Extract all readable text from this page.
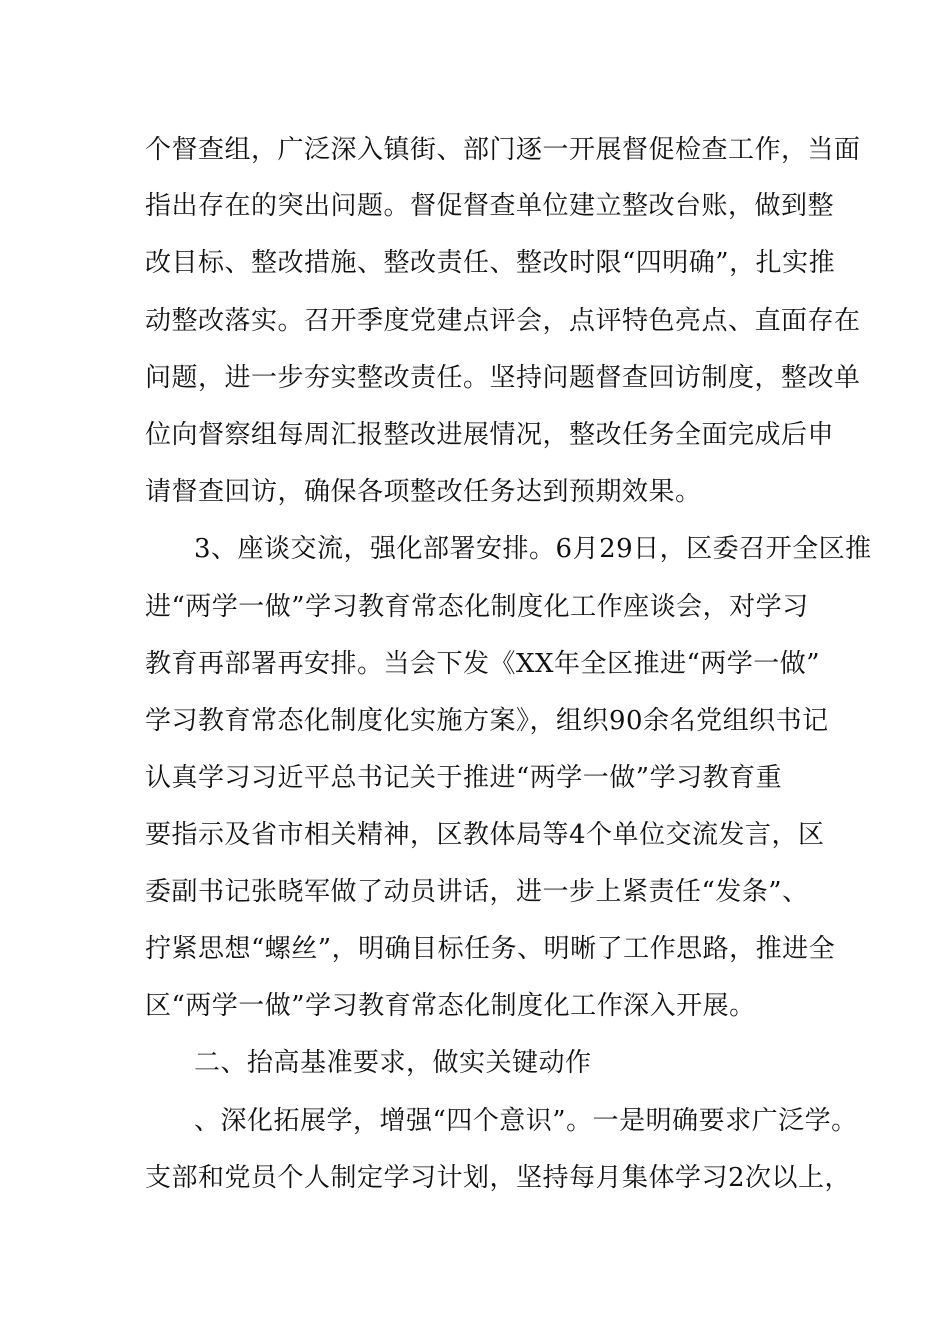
个督查组，广泛深入镇街、部门逐一开展督促检查工作，当面
指出存在的突出问题。督促督查单位建立整改台账，做到整
改目标、整改措施、整改责任、整改时限“四明确”，扎实推
动整改落实。召开季度党建点评会，点评特色亮点、直面存在
问题，进一步夯实整改责任。坚持问题督查回访制度，整改单
位向督察组每周汇报整改进展情况，整改任务全面完成后申
请督查回访，确保各项整改任务达到预期效果。
3、座谈交流，强化部署安排。6月29日，区委召开全区推
进“两学一做”学习教育常态化制度化工作座谈会，对学习
教育再部署再安排。当会下发《XX年全区推进“两学一做”
学习教育常态化制度化实施方案》，组织90余名党组织书记
认真学习习近平总书记关于推进“两学一做”学习教育重
要指示及省市相关精神，区教体局等4个单位交流发言，区
委副书记张晓军做了动员讲话，进一步上紧责任“发条”、
拧紧思想“螺丝”，明确目标任务、明晰了工作思路，推进全
区“两学一做”学习教育常态化制度化工作深入开展。
二、抬高基准要求，做实关键动作
、深化拓展学，增强“四个意识”。一是明确要求广泛学。
支部和党员个人制定学习计划，坚持每月集体学习2次以上，
